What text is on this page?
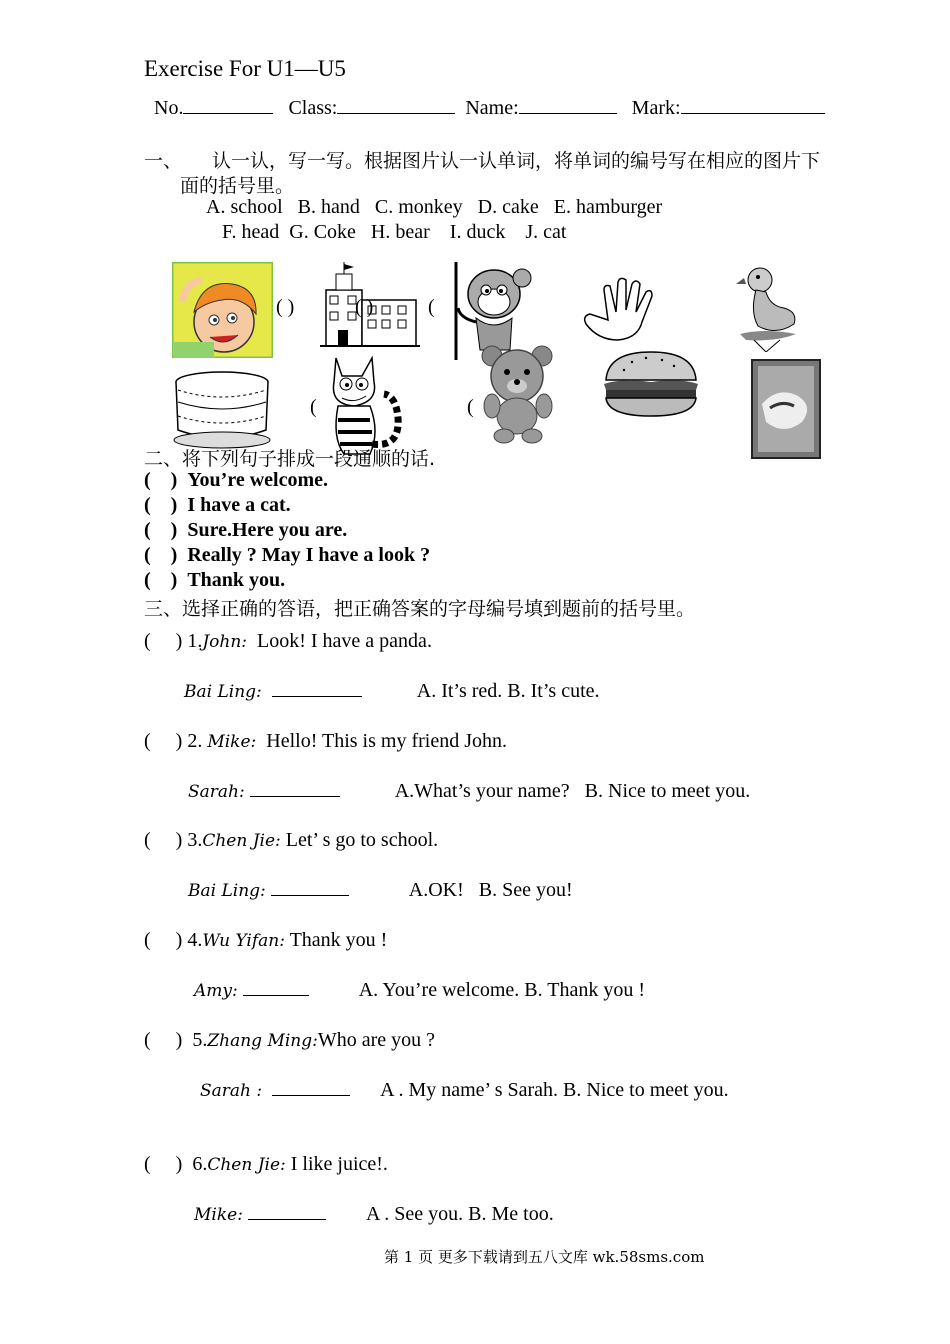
Exercise For U1—U5
No.	Class:	Name:	Mark:
一、 认一认，写一写。根据图片认一认单词，将单词的编号写在相应的图片下
面的括号里。
A. school   B. hand   C. monkey   D. cake   E. hamburger
F. head  G. Coke   H. bear    I. duck    J. cat
( )	( )	(
(	(
二、将下列句子排成一段通顺的话.
(    ) You’re welcome.
(    ) I have a cat.
(    ) Sure.Here you are.
(    ) Really ? May I have a look ?
(    ) Thank you.
三、选择正确的答语，把正确答案的字母编号填到题前的括号里。
(     ) 1.John: Look! I have a panda.
Bai Ling:	A. It’s red. B. It’s cute.
(     ) 2. Mike: Hello! This is my friend John.
Sarah:	A.What’s your name?   B. Nice to meet you.
(     ) 3.Chen Jie: Let’ s go to school.
Bai Ling:	A.OK!   B. See you!
(     ) 4.Wu Yifan: Thank you !
Amy:	A. You’re welcome. B. Thank you !
(     ) 5.Zhang Ming:Who are you ?
Sarah :	A . My name’ s Sarah. B. Nice to meet you.
(     ) 6.Chen Jie: I like juice!.
Mike:	A . See you. B. Me too.
第 1 页 更多下载请到五八文库 wk.58sms.com
